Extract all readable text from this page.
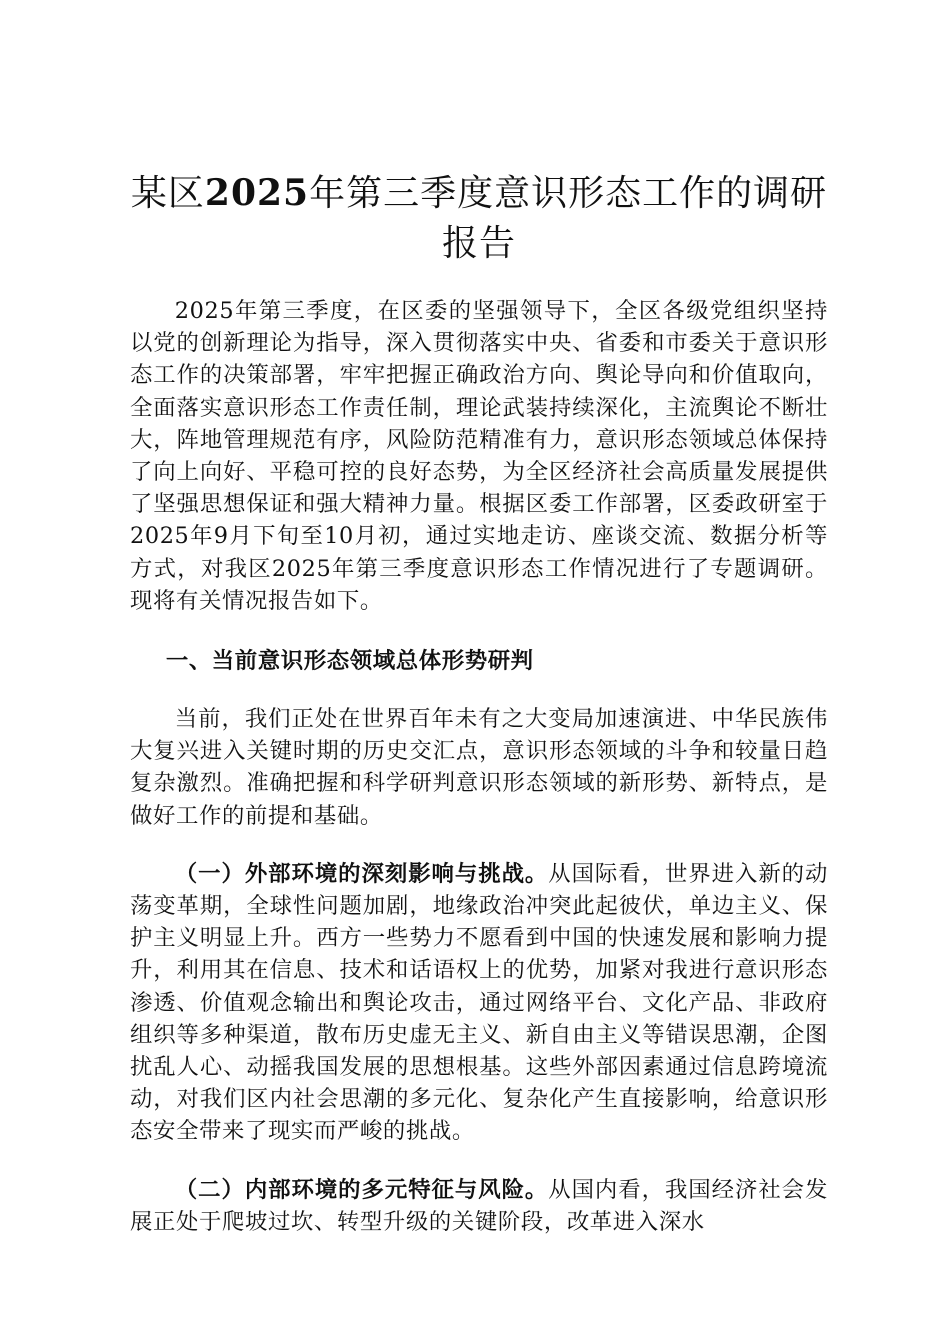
某区2025年第三季度意识形态工作的调研报告

2025年第三季度，在区委的坚强领导下，全区各级党组织坚持以党的创新理论为指导，深入贯彻落实中央、省委和市委关于意识形态工作的决策部署，牢牢把握正确政治方向、舆论导向和价值取向，全面落实意识形态工作责任制，理论武装持续深化，主流舆论不断壮大，阵地管理规范有序，风险防范精准有力，意识形态领域总体保持了向上向好、平稳可控的良好态势，为全区经济社会高质量发展提供了坚强思想保证和强大精神力量。根据区委工作部署，区委政研室于2025年9月下旬至10月初，通过实地走访、座谈交流、数据分析等方式，对我区2025年第三季度意识形态工作情况进行了专题调研。现将有关情况报告如下。

一、当前意识形态领域总体形势研判

当前，我们正处在世界百年未有之大变局加速演进、中华民族伟大复兴进入关键时期的历史交汇点，意识形态领域的斗争和较量日趋复杂激烈。准确把握和科学研判意识形态领域的新形势、新特点，是做好工作的前提和基础。

（一）外部环境的深刻影响与挑战。从国际看，世界进入新的动荡变革期，全球性问题加剧，地缘政治冲突此起彼伏，单边主义、保护主义明显上升。西方一些势力不愿看到中国的快速发展和影响力提升，利用其在信息、技术和话语权上的优势，加紧对我进行意识形态渗透、价值观念输出和舆论攻击，通过网络平台、文化产品、非政府组织等多种渠道，散布历史虚无主义、新自由主义等错误思潮，企图扰乱人心、动摇我国发展的思想根基。这些外部因素通过信息跨境流动，对我们区内社会思潮的多元化、复杂化产生直接影响，给意识形态安全带来了现实而严峻的挑战。

（二）内部环境的多元特征与风险。从国内看，我国经济社会发展正处于爬坡过坎、转型升级的关键阶段，改革进入深水
